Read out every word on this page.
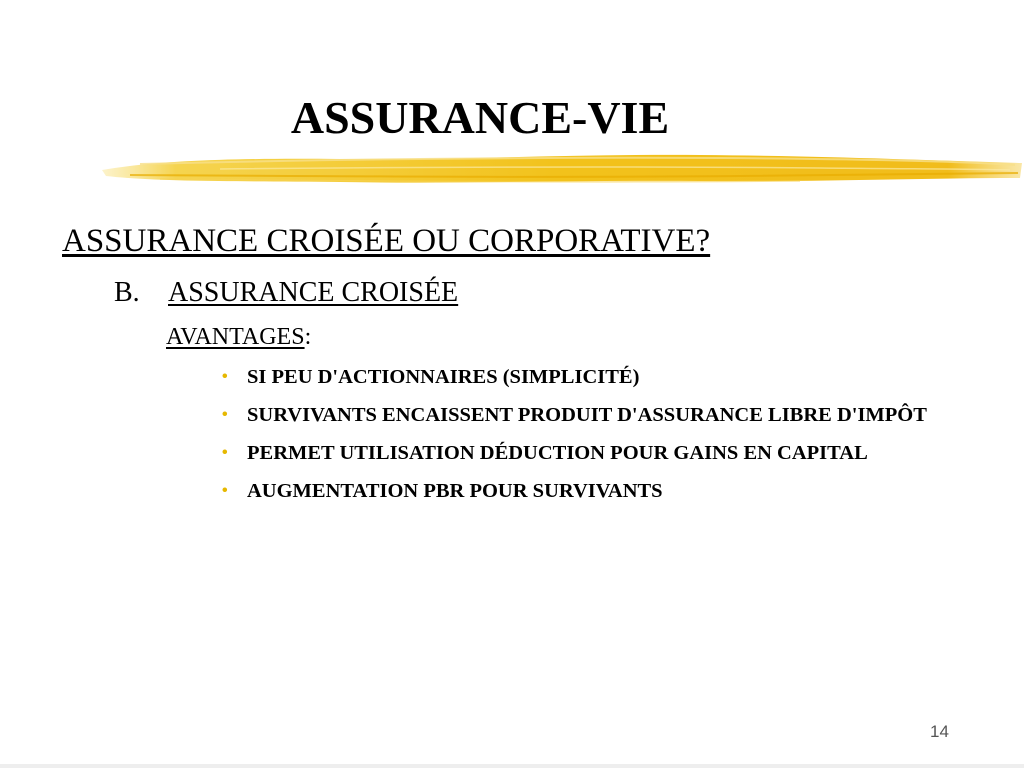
ASSURANCE-VIE
ASSURANCE CROISÉE OU CORPORATIVE?
B. ASSURANCE CROISÉE
AVANTAGES:
• SI PEU D'ACTIONNAIRES (SIMPLICITÉ)
• SURVIVANTS ENCAISSENT PRODUIT D'ASSURANCE LIBRE D'IMPÔT
• PERMET UTILISATION DÉDUCTION POUR GAINS EN CAPITAL
• AUGMENTATION PBR POUR SURVIVANTS
14
